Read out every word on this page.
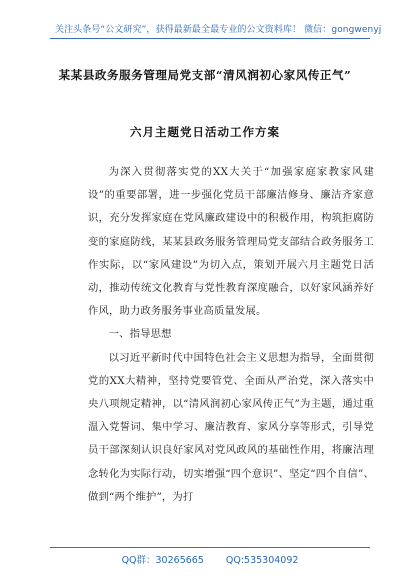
关注头条号“公文研究”，获得最新最全最专业的公文资料库！ 微信：gongwenyj
某某县政务服务管理局党支部“清风润初心家风传正气”
六月主题党日活动工作方案

为深入贯彻落实党的XX大关于“加强家庭家教家风建设”的重要部署，进一步强化党员干部廉洁修身、廉洁齐家意识，充分发挥家庭在党风廉政建设中的积极作用，构筑拒腐防变的家庭防线，某某县政务服务管理局党支部结合政务服务工作实际，以“家风建设”为切入点，策划开展六月主题党日活动，推动传统文化教育与党性教育深度融合，以好家风涵养好作风，助力政务服务事业高质量发展。

一、指导思想

以习近平新时代中国特色社会主义思想为指导，全面贯彻党的XX大精神，坚持党要管党、全面从严治党，深入落实中央八项规定精神，以“清风润初心家风传正气”为主题，通过重温入党誓词、集中学习、廉洁教育、家风分享等形式，引导党员干部深刻认识良好家风对党风政风的基础性作用，将廉洁理念转化为实际行动，切实增强“四个意识”、坚定“四个自信”、做到“两个维护”，为打

QQ群：30265665 QQ:535304092
